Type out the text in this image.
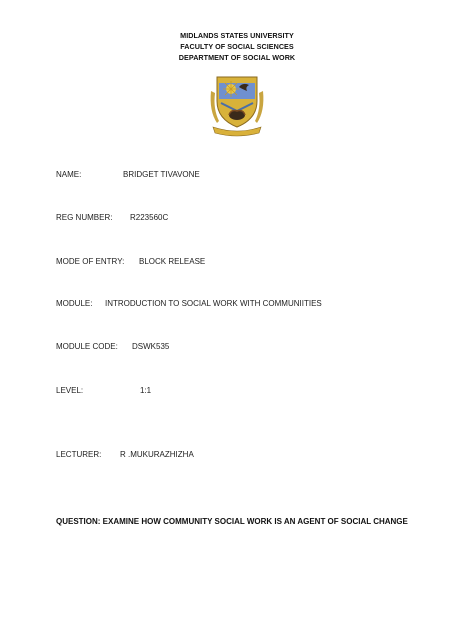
MIDLANDS STATES UNIVERSITY
FACULTY OF SOCIAL SCIENCES
DEPARTMENT OF SOCIAL WORK
NAME:	BRIDGET TIVAVONE
REG NUMBER: R223560C
MODE OF ENTRY: BLOCK RELEASE
MODULE: INTRODUCTION TO SOCIAL WORK WITH COMMUNIITIES
MODULE CODE: DSWK535
LEVEL:	1:1
LECTURER: R .MUKURAZHIZHA
QUESTION: EXAMINE HOW COMMUNITY SOCIAL WORK IS AN AGENT OF SOCIAL CHANGE
